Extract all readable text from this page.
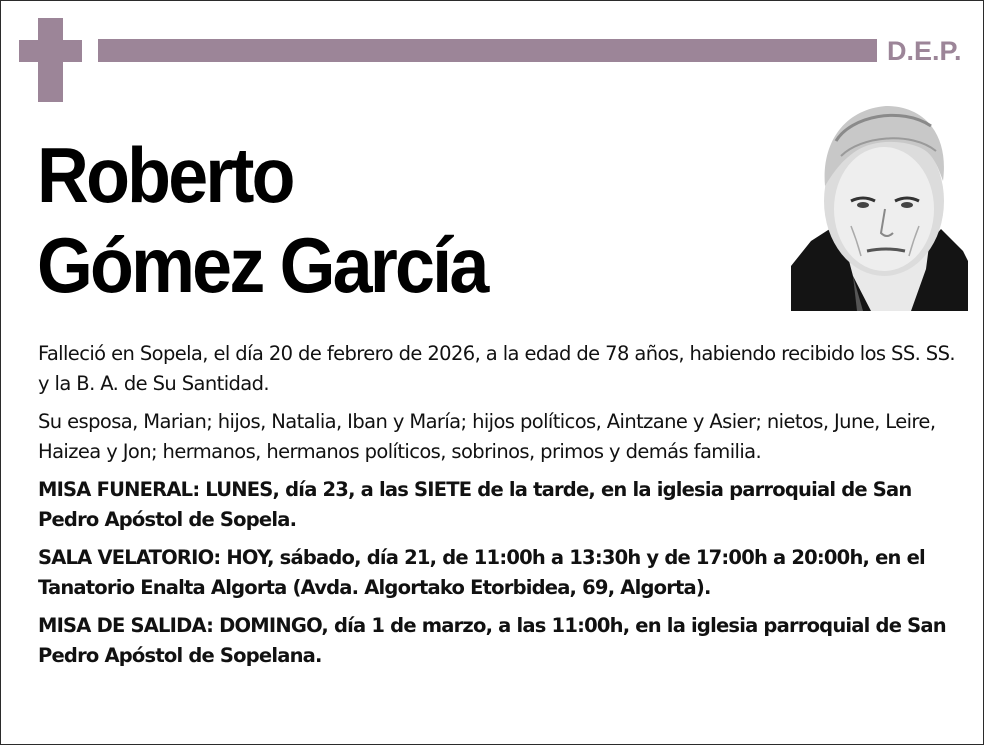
D.E.P.
Roberto
Gómez García

Falleció en Sopela, el día 20 de febrero de 2026, a la edad de 78 años, habiendo recibido los SS. SS. y la B. A. de Su Santidad.

Su esposa, Marian; hijos, Natalia, Iban y María; hijos políticos, Aintzane y Asier; nietos, June, Leire, Haizea y Jon; hermanos, hermanos políticos, sobrinos, primos y demás familia.

MISA FUNERAL: LUNES, día 23, a las SIETE de la tarde, en la iglesia parroquial de San Pedro Apóstol de Sopela.

SALA VELATORIO: HOY, sábado, día 21, de 11:00h a 13:30h y de 17:00h a 20:00h, en el Tanatorio Enalta Algorta (Avda. Algortako Etorbidea, 69, Algorta).

MISA DE SALIDA: DOMINGO, día 1 de marzo, a las 11:00h, en la iglesia parroquial de San Pedro Apóstol de Sopelana.
